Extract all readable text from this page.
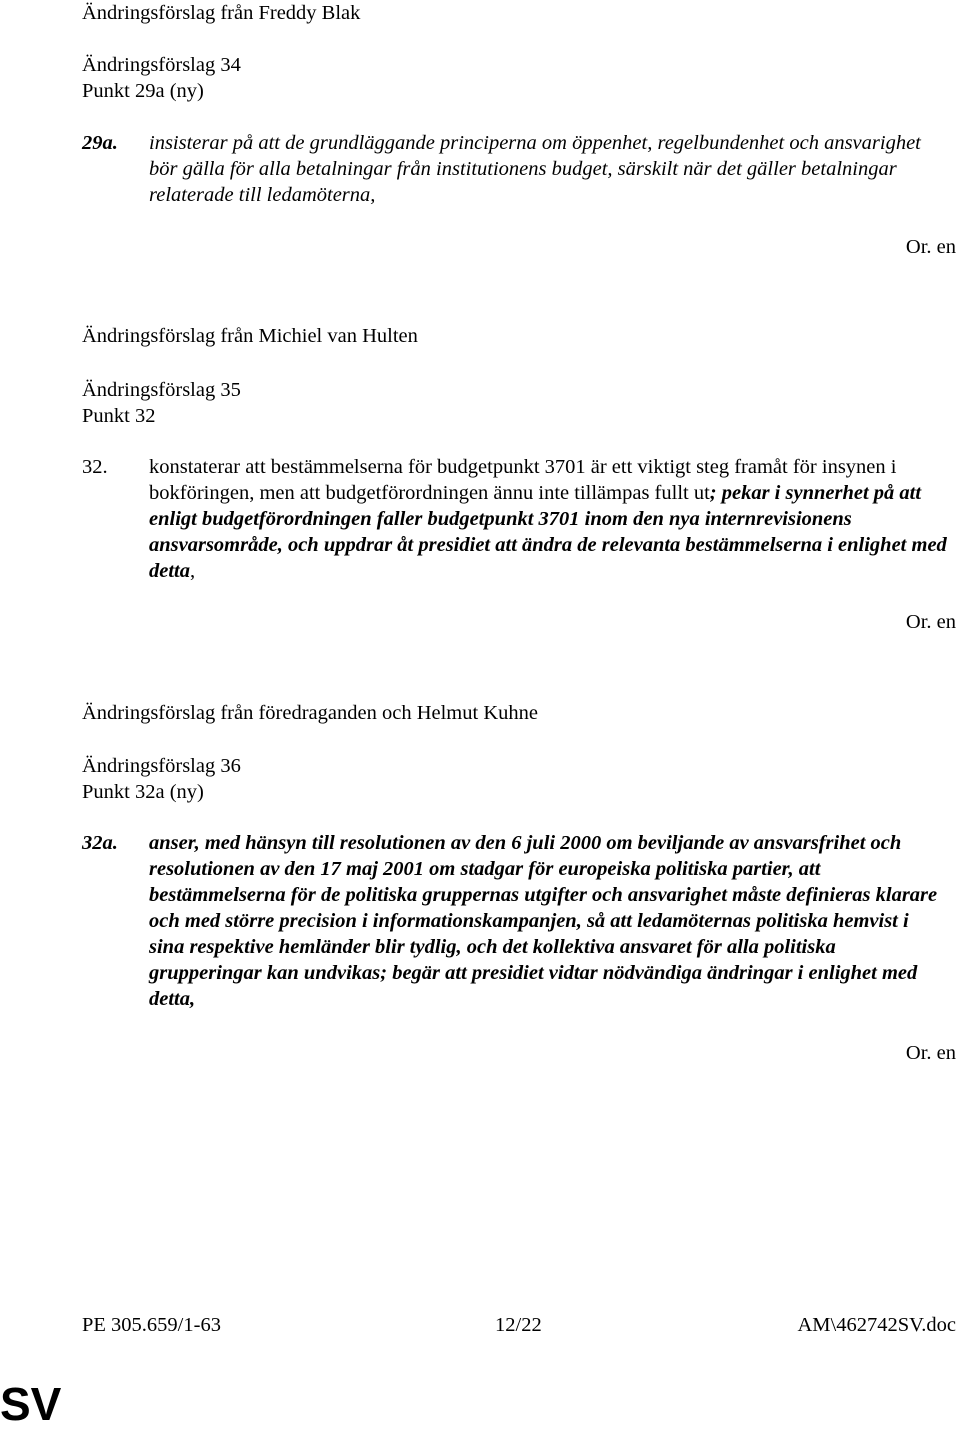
Ändringsförslag från Freddy Blak
Ändringsförslag 34
Punkt 29a (ny)
29a. insisterar på att de grundläggande principerna om öppenhet, regelbundenhet och ansvarighet bör gälla för alla betalningar från institutionens budget, särskilt när det gäller betalningar relaterade till ledamöterna,
Or. en
Ändringsförslag från Michiel van Hulten
Ändringsförslag 35
Punkt 32
32. konstaterar att bestämmelserna för budgetpunkt 3701 är ett viktigt steg framåt för insynen i bokföringen, men att budgetförordningen ännu inte tillämpas fullt ut; pekar i synnerhet på att enligt budgetförordningen faller budgetpunkt 3701 inom den nya internrevisionens ansvarsområde, och uppdrar åt presidiet att ändra de relevanta bestämmelserna i enlighet med detta,
Or. en
Ändringsförslag från föredraganden och Helmut Kuhne
Ändringsförslag 36
Punkt 32a (ny)
32a. anser, med hänsyn till resolutionen av den 6 juli 2000 om beviljande av ansvarsfrihet och resolutionen av den 17 maj 2001 om stadgar för europeiska politiska partier, att bestämmelserna för de politiska gruppernas utgifter och ansvarighet måste definieras klarare och med större precision i informationskampanjen, så att ledamöternas politiska hemvist i sina respektive hemländer blir tydlig, och det kollektiva ansvaret för alla politiska grupperingar kan undvikas; begär att presidiet vidtar nödvändiga ändringar i enlighet med detta,
Or. en
PE 305.659/1-63	12/22	AM\462742SV.doc
SV
